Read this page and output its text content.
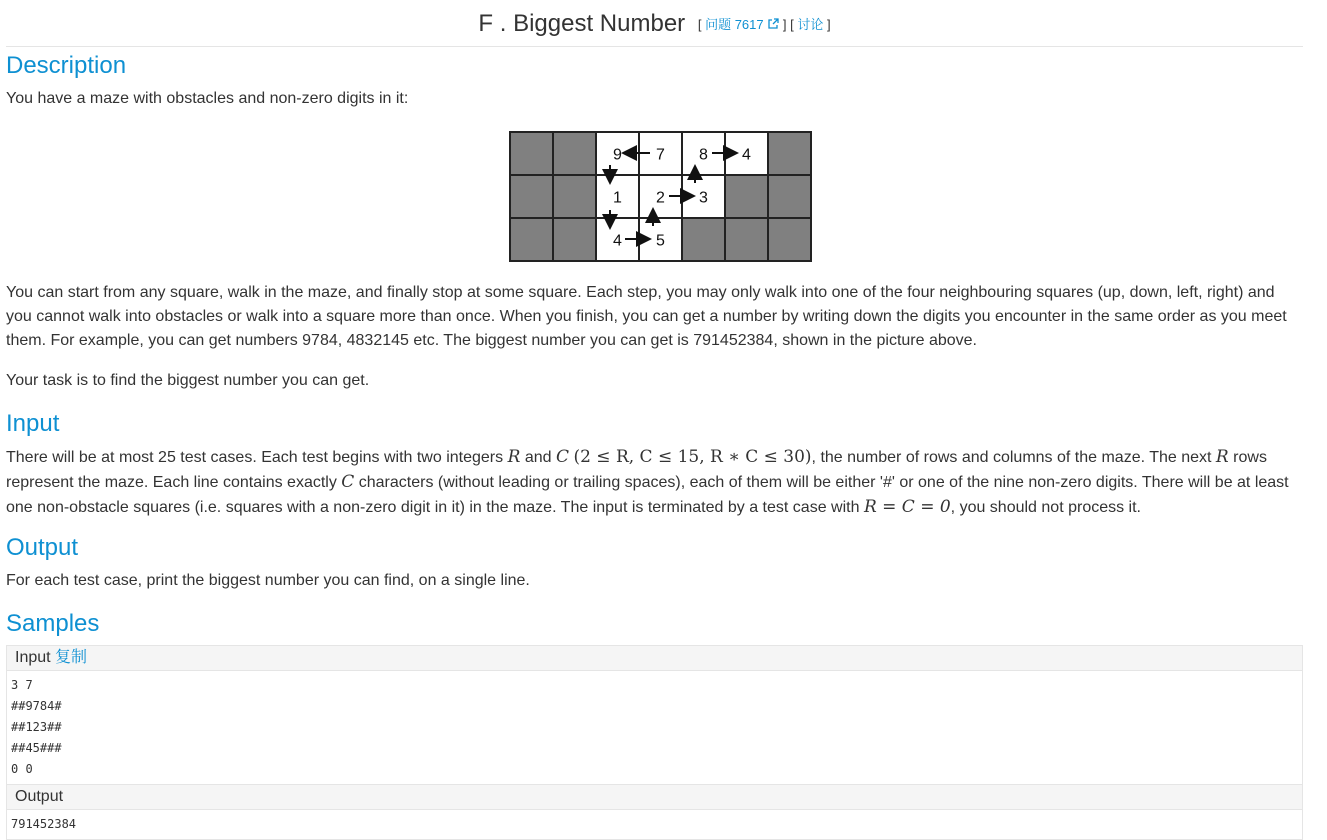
F . Biggest Number [ 问题 7617  ] [ 讨论 ]
Description

You have a maze with obstacles and non-zero digits in it:

9 7 8 4
1 2 3
4 5

You can start from any square, walk in the maze, and finally stop at some square. Each step, you may only walk into one of the four neighbouring squares (up, down, left, right) and you cannot walk into obstacles or walk into a square more than once. When you finish, you can get a number by writing down the digits you encounter in the same order as you meet them. For example, you can get numbers 9784, 4832145 etc. The biggest number you can get is 791452384, shown in the picture above.

Your task is to find the biggest number you can get.

Input

There will be at most 25 test cases. Each test begins with two integers R and C (2 ≤ R, C ≤ 15, R ∗ C ≤ 30), the number of rows and columns of the maze. The next R rows represent the maze. Each line contains exactly C characters (without leading or trailing spaces), each of them will be either '#' or one of the nine non-zero digits. There will be at least one non-obstacle squares (i.e. squares with a non-zero digit in it) in the maze. The input is terminated by a test case with R = C = 0, you should not process it.

Output

For each test case, print the biggest number you can find, on a single line.

Samples
Input 复制
3 7
##9784#
##123##
##45###
0 0
Output
791452384
